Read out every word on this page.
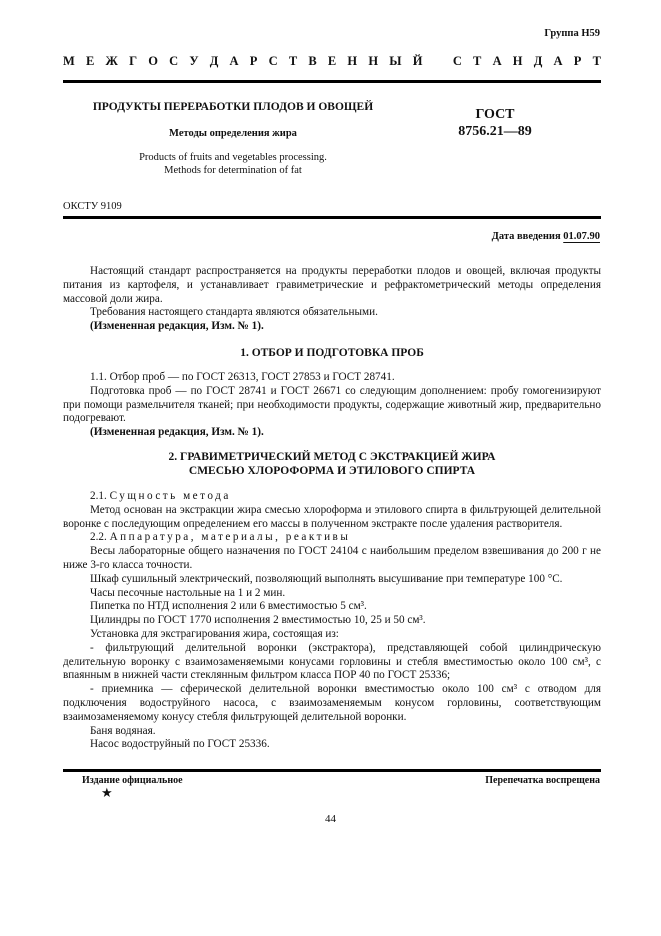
Группа Н59
М Е Ж Г О С У Д А Р С Т В Е Н Н Ы Й С Т А Н Д А Р Т
ПРОДУКТЫ ПЕРЕРАБОТКИ ПЛОДОВ И ОВОЩЕЙ
Методы определения жира
Products of fruits and vegetables processing.
Methods for determination of fat
ГОСТ
8756.21—89
ОКСТУ 9109
Дата введения 01.07.90

Настоящий стандарт распространяется на продукты переработки плодов и овощей, включая продукты питания из картофеля, и устанавливает гравиметрические и рефрактометрический методы определения массовой доли жира.

Требования настоящего стандарта являются обязательными.

(Измененная редакция, Изм. № 1).

1. ОТБОР И ПОДГОТОВКА ПРОБ

1.1. Отбор проб — по ГОСТ 26313, ГОСТ 27853 и ГОСТ 28741.

Подготовка проб — по ГОСТ 28741 и ГОСТ 26671 со следующим дополнением: пробу гомогенизируют при помощи размельчителя тканей; при необходимости продукты, содержащие животный жир, предварительно подогревают.

(Измененная редакция, Изм. № 1).

2. ГРАВИМЕТРИЧЕСКИЙ МЕТОД С ЭКСТРАКЦИЕЙ ЖИРА
СМЕСЬЮ ХЛОРОФОРМА И ЭТИЛОВОГО СПИРТА

2.1. Сущность метода

Метод основан на экстракции жира смесью хлороформа и этилового спирта в фильтрующей делительной воронке с последующим определением его массы в полученном экстракте после удаления растворителя.

2.2. Аппаратура, материалы, реактивы

Весы лабораторные общего назначения по ГОСТ 24104 с наибольшим пределом взвешивания до 200 г не ниже 3-го класса точности.

Шкаф сушильный электрический, позволяющий выполнять высушивание при температуре 100 °С.

Часы песочные настольные на 1 и 2 мин.

Пипетка по НТД исполнения 2 или 6 вместимостью 5 см³.

Цилиндры по ГОСТ 1770 исполнения 2 вместимостью 10, 25 и 50 см³.

Установка для экстрагирования жира, состоящая из:

- фильтрующий делительной воронки (экстрактора), представляющей собой цилиндрическую делительную воронку с взаимозаменяемыми конусами горловины и стебля вместимостью около 100 см³, с впаянным в нижней части стеклянным фильтром класса ПОР 40 по ГОСТ 25336;

- приемника — сферической делительной воронки вместимостью около 100 см³ с отводом для подключения водоструйного насоса, с взаимозаменяемым конусом горловины, соответствующим взаимозаменяемому конусу стебля фильтрующей делительной воронки.

Баня водяная.

Насос водоструйный по ГОСТ 25336.

Издание официальное
★
Перепечатка воспрещена
44
